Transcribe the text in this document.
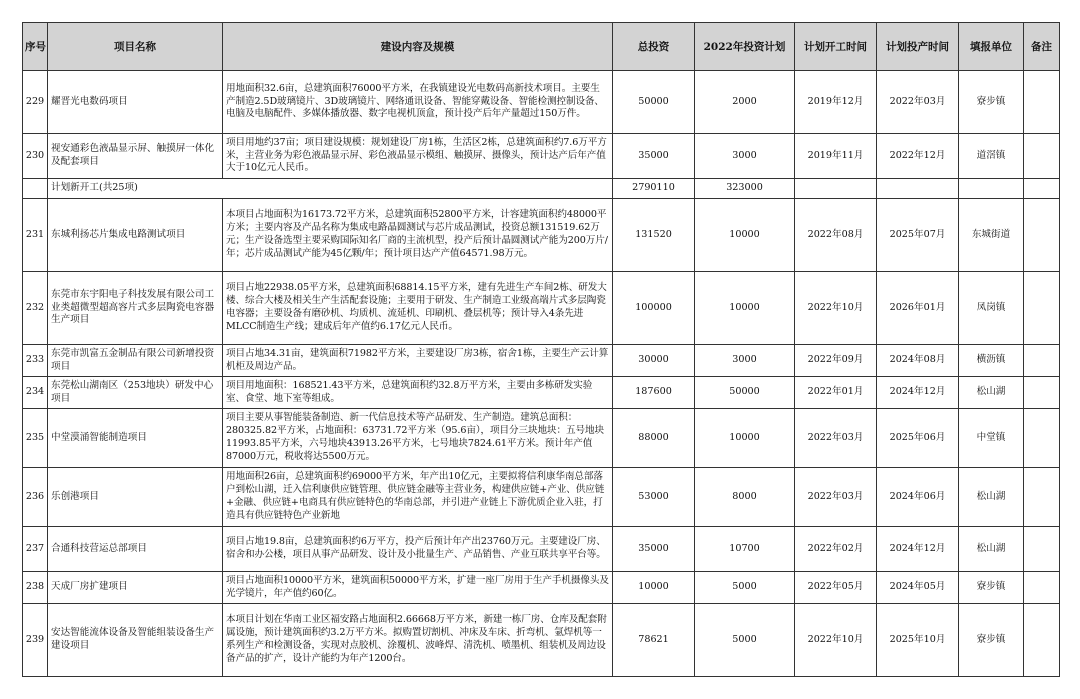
序号	项目名称	建设内容及规模	总投资	2022年投资计划	计划开工时间	计划投产时间	填报单位	备注
229	耀晋光电数码项目	用地面积32.6亩，总建筑面积76000平方米，在我镇建设光电数码高新技术项目。主要生产制造2.5D玻璃镜片、3D玻璃镜片、网络通讯设备、智能穿戴设备、智能检测控制设备、电脑及电脑配件、多媒体播放器、数字电视机顶盒，预计投产后年产量超过150万件。	50000	2000	2019年12月	2022年03月	寮步镇	
230	视安通彩色液晶显示屏、触摸屏一体化及配套项目	项目用地约37亩；项目建设规模：规划建设厂房1栋，生活区2栋，总建筑面积约7.6万平方米，主营业务为彩色液晶显示屏、彩色液晶显示模组、触摸屏、摄像头，预计达产后年产值大于10亿元人民币。	35000	3000	2019年11月	2022年12月	道滘镇	
	计划新开工(共25项)		2790110	323000				
231	东城利扬芯片集成电路测试项目	本项目占地面积为16173.72平方米，总建筑面积52800平方米，计容建筑面积约48000平方米；主要内容及产品名称为集成电路晶圆测试与芯片成品测试，投资总额131519.62万元；生产设备选型主要采购国际知名厂商的主流机型，投产后预计晶圆测试产能为200万片/年；芯片成品测试产能为45亿颗/年；预计项目达产产值64571.98万元。	131520	10000	2022年08月	2025年07月	东城街道	
232	东莞市东宇阳电子科技发展有限公司工业类超微型超高容片式多层陶瓷电容器生产项目	项目占地22938.05平方米，总建筑面积68814.15平方米，建有先进生产车间2栋、研发大楼、综合大楼及相关生产生活配套设施；主要用于研发、生产制造工业级高端片式多层陶瓷电容器；主要设备有磨砂机、均质机、流延机、印刷机、叠层机等；预计导入4条先进MLCC制造生产线；建成后年产值约6.17亿元人民币。	100000	10000	2022年10月	2026年01月	凤岗镇	
233	东莞市凯富五金制品有限公司新增投资项目	项目占地34.31亩，建筑面积71982平方米，主要建设厂房3栋，宿舍1栋，主要生产云计算机柜及周边产品。	30000	3000	2022年09月	2024年08月	横沥镇	
234	东莞松山湖南区（253地块）研发中心项目	项目用地面积：168521.43平方米，总建筑面积约32.8万平方米，主要由多栋研发实验室、食堂、地下室等组成。	187600	50000	2022年01月	2024年12月	松山湖	
235	中堂漠涌智能制造项目	项目主要从事智能装备制造、新一代信息技术等产品研发、生产制造。建筑总面积：280325.82平方米，占地面积：63731.72平方米（95.6亩），项目分三块地块：五号地块11993.85平方米，六号地块43913.26平方米，七号地块7824.61平方米。预计年产值87000万元，税收将达5500万元。	88000	10000	2022年03月	2025年06月	中堂镇	
236	乐创港项目	用地面积26亩，总建筑面积约69000平方米，年产出10亿元，主要拟将信利康华南总部落户到松山湖，迁入信利康供应链管理、供应链金融等主营业务，构建供应链+产业、供应链+金融、供应链+电商具有供应链特色的华南总部，并引进产业链上下游优质企业入驻，打造具有供应链特色产业新地	53000	8000	2022年03月	2024年06月	松山湖	
237	合通科技营运总部项目	项目占地19.8亩，总建筑面积约6万平方，投产后预计年产出23760万元。主要建设厂房、宿舍和办公楼，项目从事产品研发、设计及小批量生产、产品销售、产业互联共享平台等。	35000	10700	2022年02月	2024年12月	松山湖	
238	天成厂房扩建项目	项目占地面积10000平方米，建筑面积50000平方米，扩建一座厂房用于生产手机摄像头及光学镜片，年产值约60亿。	10000	5000	2022年05月	2024年05月	寮步镇	
239	安达智能流体设备及智能组装设备生产建设项目	本项目计划在华南工业区福安路占地面积2.66668万平方米，新建一栋厂房、仓库及配套附属设施，预计建筑面积约3.2万平方米。拟购置切割机、冲床及车床、折弯机、氩焊机等一系列生产和检测设备，实现对点胶机、涂覆机、波峰焊、清洗机、喷墨机、组装机及周边设备产品的扩产，设计产能约为年产1200台。	78621	5000	2022年10月	2025年10月	寮步镇	
